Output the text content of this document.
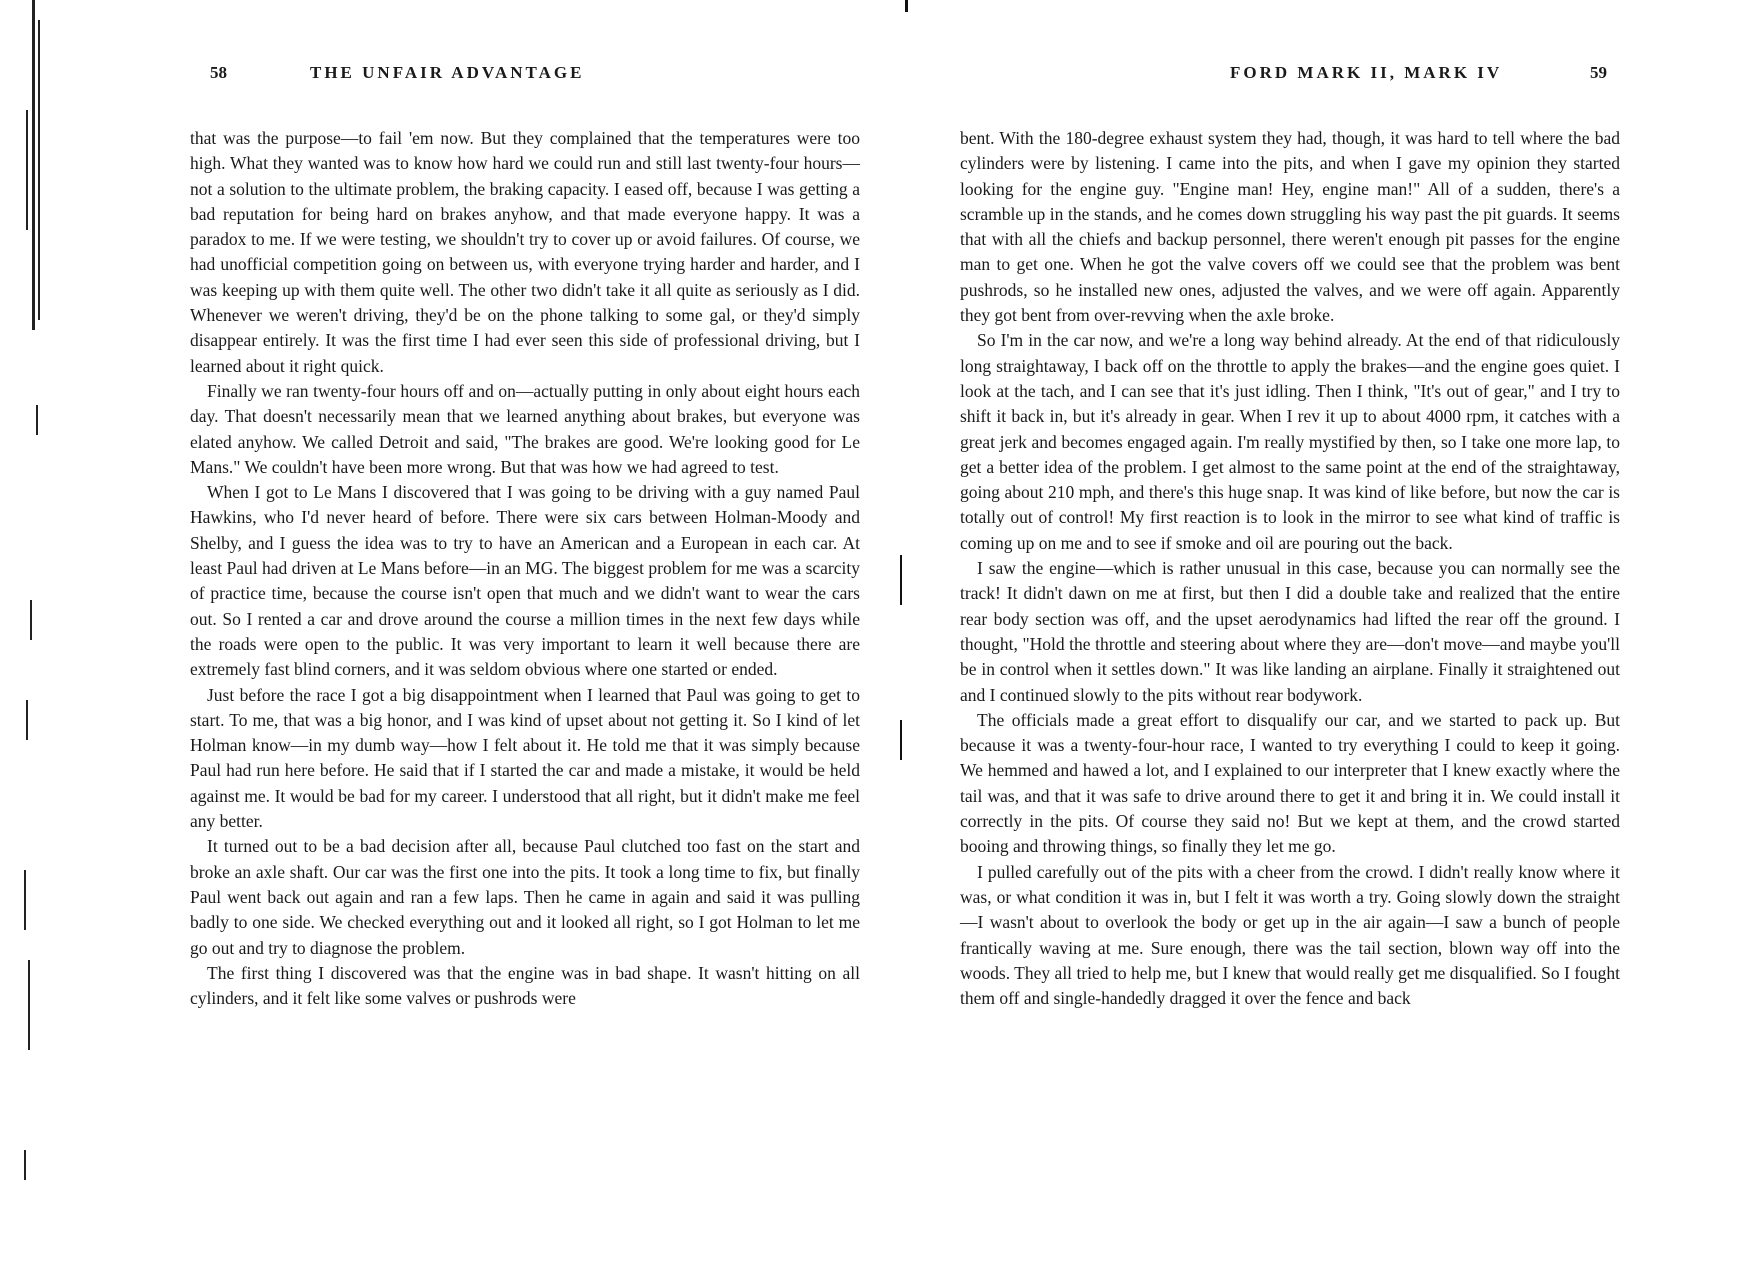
58	THE UNFAIR ADVANTAGE

that was the purpose—to fail 'em now. But they complained that the temperatures were too high. What they wanted was to know how hard we could run and still last twenty-four hours—not a solution to the ultimate problem, the braking capacity. I eased off, because I was getting a bad reputation for being hard on brakes anyhow, and that made everyone happy. It was a paradox to me. If we were testing, we shouldn't try to cover up or avoid failures. Of course, we had unofficial competition going on between us, with everyone trying harder and harder, and I was keeping up with them quite well. The other two didn't take it all quite as seriously as I did. Whenever we weren't driving, they'd be on the phone talking to some gal, or they'd simply disappear entirely. It was the first time I had ever seen this side of professional driving, but I learned about it right quick.

Finally we ran twenty-four hours off and on—actually putting in only about eight hours each day. That doesn't necessarily mean that we learned anything about brakes, but everyone was elated anyhow. We called Detroit and said, "The brakes are good. We're looking good for Le Mans." We couldn't have been more wrong. But that was how we had agreed to test.

When I got to Le Mans I discovered that I was going to be driving with a guy named Paul Hawkins, who I'd never heard of before. There were six cars between Holman-Moody and Shelby, and I guess the idea was to try to have an American and a European in each car. At least Paul had driven at Le Mans before—in an MG. The biggest problem for me was a scarcity of practice time, because the course isn't open that much and we didn't want to wear the cars out. So I rented a car and drove around the course a million times in the next few days while the roads were open to the public. It was very important to learn it well because there are extremely fast blind corners, and it was seldom obvious where one started or ended.

Just before the race I got a big disappointment when I learned that Paul was going to get to start. To me, that was a big honor, and I was kind of upset about not getting it. So I kind of let Holman know—in my dumb way—how I felt about it. He told me that it was simply because Paul had run here before. He said that if I started the car and made a mistake, it would be held against me. It would be bad for my career. I understood that all right, but it didn't make me feel any better.

It turned out to be a bad decision after all, because Paul clutched too fast on the start and broke an axle shaft. Our car was the first one into the pits. It took a long time to fix, but finally Paul went back out again and ran a few laps. Then he came in again and said it was pulling badly to one side. We checked everything out and it looked all right, so I got Holman to let me go out and try to diagnose the problem.

The first thing I discovered was that the engine was in bad shape. It wasn't hitting on all cylinders, and it felt like some valves or pushrods were

FORD MARK II, MARK IV	59

bent. With the 180-degree exhaust system they had, though, it was hard to tell where the bad cylinders were by listening. I came into the pits, and when I gave my opinion they started looking for the engine guy. "Engine man! Hey, engine man!" All of a sudden, there's a scramble up in the stands, and he comes down struggling his way past the pit guards. It seems that with all the chiefs and backup personnel, there weren't enough pit passes for the engine man to get one. When he got the valve covers off we could see that the problem was bent pushrods, so he installed new ones, adjusted the valves, and we were off again. Apparently they got bent from over-revving when the axle broke.

So I'm in the car now, and we're a long way behind already. At the end of that ridiculously long straightaway, I back off on the throttle to apply the brakes—and the engine goes quiet. I look at the tach, and I can see that it's just idling. Then I think, "It's out of gear," and I try to shift it back in, but it's already in gear. When I rev it up to about 4000 rpm, it catches with a great jerk and becomes engaged again. I'm really mystified by then, so I take one more lap, to get a better idea of the problem. I get almost to the same point at the end of the straightaway, going about 210 mph, and there's this huge snap. It was kind of like before, but now the car is totally out of control! My first reaction is to look in the mirror to see what kind of traffic is coming up on me and to see if smoke and oil are pouring out the back.

I saw the engine—which is rather unusual in this case, because you can normally see the track! It didn't dawn on me at first, but then I did a double take and realized that the entire rear body section was off, and the upset aerodynamics had lifted the rear off the ground. I thought, "Hold the throttle and steering about where they are—don't move—and maybe you'll be in control when it settles down." It was like landing an airplane. Finally it straightened out and I continued slowly to the pits without rear bodywork.

The officials made a great effort to disqualify our car, and we started to pack up. But because it was a twenty-four-hour race, I wanted to try everything I could to keep it going. We hemmed and hawed a lot, and I explained to our interpreter that I knew exactly where the tail was, and that it was safe to drive around there to get it and bring it in. We could install it correctly in the pits. Of course they said no! But we kept at them, and the crowd started booing and throwing things, so finally they let me go.

I pulled carefully out of the pits with a cheer from the crowd. I didn't really know where it was, or what condition it was in, but I felt it was worth a try. Going slowly down the straight—I wasn't about to overlook the body or get up in the air again—I saw a bunch of people frantically waving at me. Sure enough, there was the tail section, blown way off into the woods. They all tried to help me, but I knew that would really get me disqualified. So I fought them off and single-handedly dragged it over the fence and back
